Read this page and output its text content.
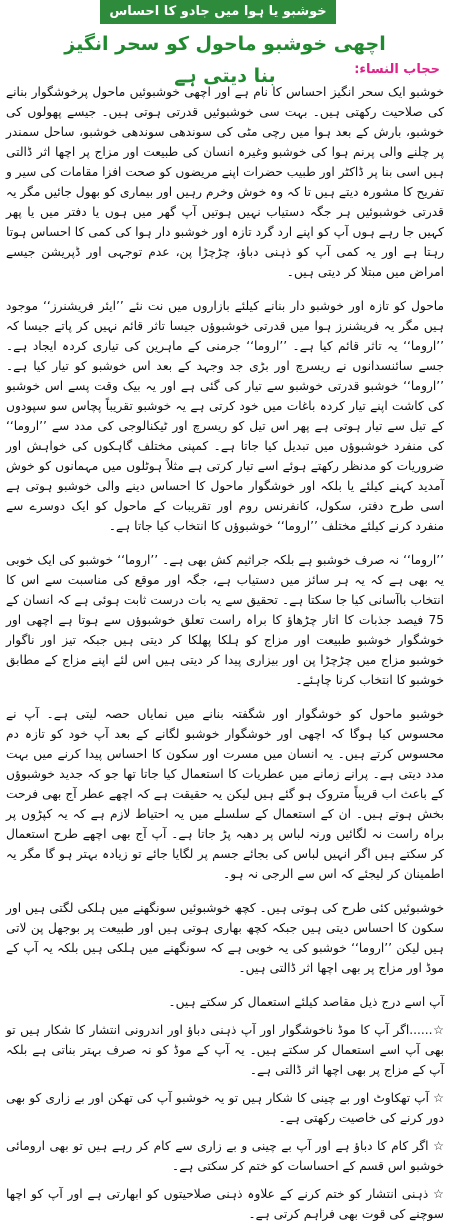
خوشبو یا ہوا میں جادو کا احساس
اچھی خوشبو ماحول کو سحر انگیز بنا دیتی ہے	حجاب النساء:

خوشبو ایک سحر انگیز احساس کا نام ہے اور اچھی خوشبوئیں ماحول پرخوشگوار بنانے کی صلاحیت رکھتی ہیں۔ بہت سی خوشبوئیں قدرتی ہوتی ہیں۔ جیسے پھولوں کی خوشبو، بارش کے بعد ہوا میں رچی مٹی کی سوندھی سوندھی خوشبو، ساحل سمندر پر چلنے والی پرنم ہوا کی خوشبو وغیرہ انسان کی طبیعت اور مزاج پر اچھا اثر ڈالتی ہیں اسی بنا پر ڈاکٹر اور طبیب حضرات اپنے مریضوں کو صحت افزا مقامات کی سیر و تفریح کا مشورہ دیتے ہیں تا کہ وہ خوش وخرم رہیں اور بیماری کو بھول جائیں مگر یہ قدرتی خوشبوئیں ہر جگہ دستیاب نہیں ہوتیں آپ گھر میں ہوں یا دفتر میں یا پھر کہیں جا رہے ہوں آپ کو اپنے ارد گرد تازہ اور خوشبو دار ہوا کی کمی کا احساس ہوتا رہتا ہے اور یہ کمی آپ کو ذہنی دباؤ، چڑچڑا پن، عدم توجہی اور ڈپریشن جیسے امراض میں مبتلا کر دیتی ہیں۔

ماحول کو تازہ اور خوشبو دار بنانے کیلئے بازاروں میں نت نئے ’’ایئر فریشنرز‘‘ موجود ہیں مگر یہ فریشنرز ہوا میں قدرتی خوشبوؤں جیسا تاثر قائم نہیں کر پاتے جیسا کہ ’’اروما‘‘ یہ تاثر قائم کیا ہے۔ ’’اروما‘‘ جرمنی کے ماہرین کی تیاری کردہ ایجاد ہے۔ جسے سائنسدانوں نے ریسرچ اور بڑی جد وجہد کے بعد اس خوشبو کو تیار کیا ہے۔ ’’اروما‘‘ خوشبو قدرتی خوشبو سے تیار کی گئی ہے اور یہ بیک وقت پسے اس خوشبو کی کاشت اپنے تیار کردہ باغات میں خود کرتی ہے یہ خوشبو تقریباً پچاس سو سپودوں کے تیل سے تیار ہوتی ہے پھر اس تیل کو ریسرچ اور ٹیکنالوجی کی مدد سے ’’اروما‘‘ کی منفرد خوشبوؤں میں تبدیل کیا جاتا ہے۔ کمپنی مختلف گاہکوں کی خواہش اور ضروریات کو مدنظر رکھتے ہوئے اسے تیار کرتی ہے مثلاً ہوٹلوں میں مہمانوں کو خوش آمدید کہنے کیلئے یا بلکہ اور خوشگوار ماحول کا احساس دینے والی خوشبو ہوتی ہے اسی طرح دفتر، سکول، کانفرنس روم اور تقریبات کے ماحول کو ایک دوسرے سے منفرد کرنے کیلئے مختلف ’’اروما‘‘ خوشبوؤں کا انتخاب کیا جاتا ہے۔

’’اروما‘‘ نہ صرف خوشبو ہے بلکہ جراثیم کش بھی ہے۔ ’’اروما‘‘ خوشبو کی ایک خوبی یہ بھی ہے کہ یہ ہر سائز میں دستیاب ہے، جگہ اور موقع کی مناسبت سے اس کا انتخاب باآسانی کیا جا سکتا ہے۔ تحقیق سے یہ بات درست ثابت ہوئی ہے کہ انسان کے 75 فیصد جذبات کا اتار چڑھاؤ کا براہ راست تعلق خوشبوؤں سے ہوتا ہے اچھی اور خوشگوار خوشبو طبیعت اور مزاج کو ہلکا پھلکا کر دیتی ہیں جبکہ تیز اور ناگوار خوشبو مزاج میں چڑچڑا پن اور بیزاری پیدا کر دیتی ہیں اس لئے اپنے مزاج کے مطابق خوشبو کا انتخاب کرنا چاہئے۔

خوشبو ماحول کو خوشگوار اور شگفتہ بنانے میں نمایاں حصہ لیتی ہے۔ آپ نے محسوس کیا ہوگا کہ اچھی اور خوشگوار خوشبو لگانے کے بعد آپ خود کو تازہ دم محسوس کرتے ہیں۔ یہ انسان میں مسرت اور سکون کا احساس پیدا کرنے میں بہت مدد دیتی ہے۔ پرانے زمانے میں عطریات کا استعمال کیا جاتا تھا جو کہ جدید خوشبوؤں کے باعث اب قریباً متروک ہو گئے ہیں لیکن یہ حقیقت ہے کہ اچھے عطر آج بھی فرحت بخش ہوتے ہیں۔ ان کے استعمال کے سلسلے میں یہ احتیاط لازم ہے کہ یہ کپڑوں پر براہ راست نہ لگائیں ورنہ لباس پر دھبہ پڑ جاتا ہے۔ آپ آج بھی اچھے طرح استعمال کر سکتے ہیں اگر انہیں لباس کی بجائے جسم پر لگایا جائے تو زیادہ بہتر ہو گا مگر یہ اطمینان کر لیجئے کہ اس سے الرجی نہ ہو۔

خوشبوئیں کئی طرح کی ہوتی ہیں۔ کچھ خوشبوئیں سونگھنے میں ہلکی لگتی ہیں اور سکون کا احساس دیتی ہیں جبکہ کچھ بھاری ہوتی ہیں اور طبیعت پر بوجھل پن لاتی ہیں لیکن ’’اروما‘‘ خوشبو کی یہ خوبی ہے کہ سونگھنے میں ہلکی ہیں بلکہ یہ آپ کے موڈ اور مزاج پر بھی اچھا اثر ڈالتی ہیں۔

آپ اسے درج ذیل مقاصد کیلئے استعمال کر سکتے ہیں۔

☆......اگر آپ کا موڈ ناخوشگوار اور آپ ذہنی دباؤ اور اندرونی انتشار کا شکار ہیں تو بھی آپ اسے استعمال کر سکتے ہیں۔ یہ آپ کے موڈ کو نہ صرف بہتر بناتی ہے بلکہ آپ کے مزاج پر بھی اچھا اثر ڈالتی ہے۔

☆ آپ تھکاوٹ اور بے چینی کا شکار ہیں تو یہ خوشبو آپ کی تھکن اور بے زاری کو بھی دور کرنے کی خاصیت رکھتی ہے۔

☆ اگر کام کا دباؤ ہے اور آپ بے چینی و بے زاری سے کام کر رہے ہیں تو بھی ارومائی خوشبو اس قسم کے احساسات کو ختم کر سکتی ہے۔

☆ ذہنی انتشار کو ختم کرنے کے علاوہ ذہنی صلاحیتوں کو ابھارتی ہے اور آپ کو اچھا سوچنے کی قوت بھی فراہم کرتی ہے۔
